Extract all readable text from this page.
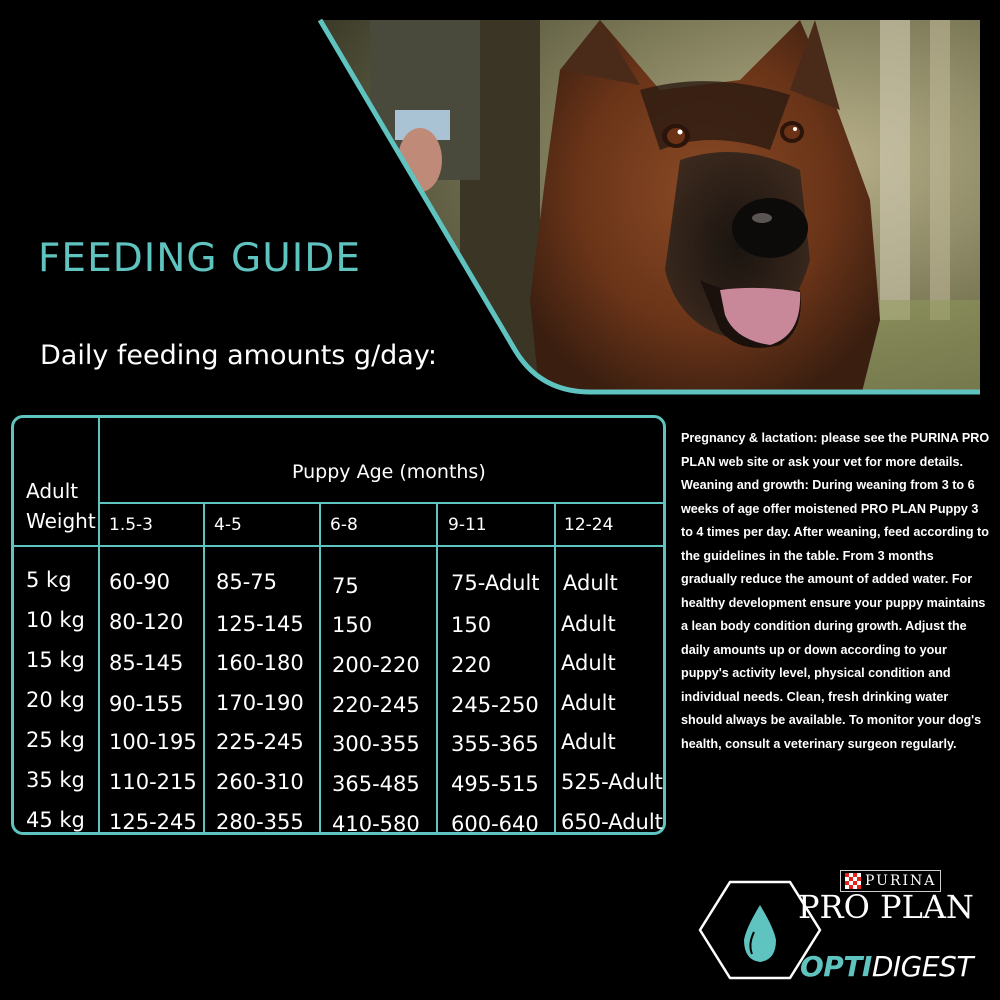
FEEDING GUIDE
Daily feeding amounts g/day:
Adult
Weight
Puppy Age (months)
1.5-3	4-5	6-8	9-11	12-24
5 kg 60-90 85-75	75	75-Adult Adult
10 kg 80-120 125-145 150	150	Adult
15 kg 85-145 160-180 200-220 220	Adult
20 kg 90-155 170-190 220-245 245-250 Adult
25 kg 100-195 225-245 300-355 355-365 Adult
35 kg 110-215 260-310 365-485 495-515 525-Adult
45 kg 125-245 280-355 410-580 600-640 650-Adult
Pregnancy & lactation: please see the PURINA PRO PLAN web site or ask your vet for more details. Weaning and growth: During weaning from 3 to 6 weeks of age offer moistened PRO PLAN Puppy 3 to 4 times per day. After weaning, feed according to the guidelines in the table. From 3 months gradually reduce the amount of added water. For healthy development ensure your puppy maintains a lean body condition during growth. Adjust the daily amounts up or down according to your puppy's activity level, physical condition and individual needs. Clean, fresh drinking water should always be available. To monitor your dog's health, consult a veterinary surgeon regularly.
PURINA
PRO PLAN
OPTIDIGEST
